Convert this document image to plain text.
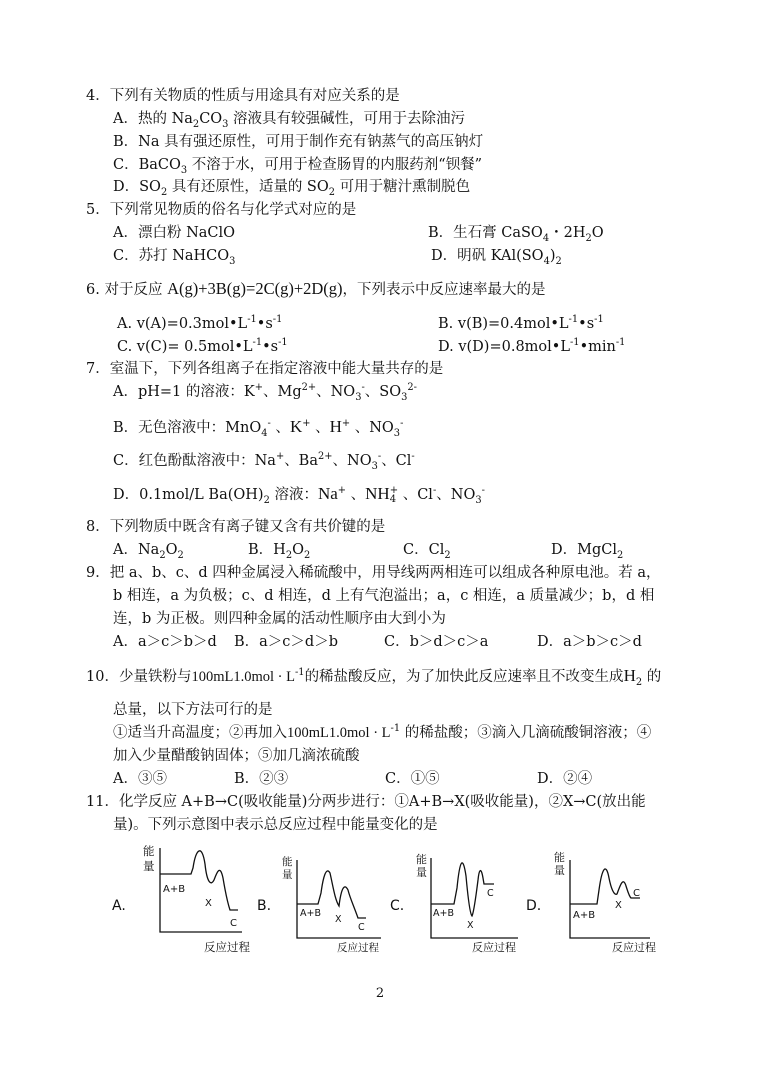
4．下列有关物质的性质与用途具有对应关系的是
A．热的 $Na_2CO_3$ 溶液具有较强碱性，可用于去除油污
B．Na 具有强还原性，可用于制作充有钠蒸气的高压钠灯
C．BaCO$_3$ 不溶于水，可用于检查肠胃的内服药剂“钡餐”
D．$SO_2$ 具有还原性，适量的 $SO_2$ 可用于糖汁熏制脱色
5．下列常见物质的俗名与化学式对应的是
A．漂白粉 NaClO	B．生石膏 CaSO$_4$・$2H_2O$
C．苏打 NaHCO$_3$	D．明矾 $KAl(SO_4)_2$
6. 对于反应 A(g)+3B(g)=2C(g)+2D(g)，下列表示中反应速率最大的是
A. $v(A)=0.3mol•L^{-1}•s^{-1}$	B. $v(B)=0.4mol•L^{-1}•s^{-1}$
C. $v(C)= 0.5mol•L^{-1}•s^{-1}$	D. $v(D)=0.8mol•L^{-1}•\min^{-1}$
7．室温下，下列各组离子在指定溶液中能大量共存的是
A．pH=1 的溶液：K+、$Mg^{2+}$、$NO_3^-$、$SO_3^{2-}$
B．无色溶液中：MnO$_4$- 、K+ 、H+ 、$NO_3^-$
C．红色酚酞溶液中：Na+、$Ba^{2+}$、$NO_3^-$、Cl-
D．0.1mol/L $Ba(OH)_2$ 溶液：Na+ 、NH +
4 、Cl-、$NO_3^-$
8．下列物质中既含有离子键又含有共价键的是
A．$Na_2O_2$	B．$H_2O_2$	C．$Cl_2$	D．MgCl$_2$
9．把 a、b、c、d 四种金属浸入稀硫酸中，用导线两两相连可以组成各种原电池。若 a，
b 相连，a 为负极；c、d 相连，d 上有气泡溢出；a，c 相连，a 质量减少；b，d 相
连，b 为正极。则四种金属的活动性顺序由大到小为
A．a＞c＞b＞d B．a＞c＞d＞b	C．b＞d＞c＞a	D．a＞b＞c＞d
10．少量铁粉与$100mL1.0mol \cdot L^{-1}$的稀盐酸反应，为了加快此反应速率且不改变生成$H_2$ 的
总量，以下方法可行的是
①适当升高温度；②再加入$100mL1.0mol \cdot L^{-1}$ 的稀盐酸；③滴入几滴硫酸铜溶液；④
加入少量醋酸钠固体；⑤加几滴浓硫酸
A．③⑤	B．②③	C．①⑤	D．②④
11．化学反应 A+B→C(吸收能量)分两步进行：①A+B→X(吸收能量)，②X→C(放出能
量)。下列示意图中表示总反应过程中能量变化的是
A.
能
量
A+B
X
C
反应过程
B.
能
量
A+B
X
C
反应过程
C.
能
量
A+B
X
C
反应过程
D.
能
量
A+B
X
C
反应过程
2
